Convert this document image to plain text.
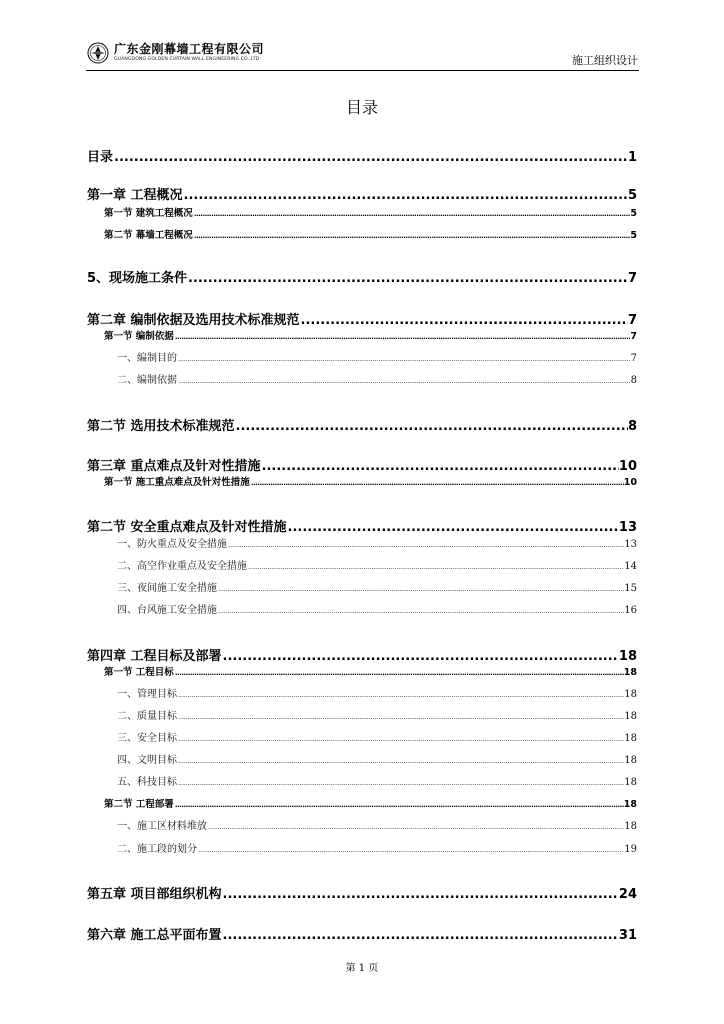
广东金刚幕墙工程有限公司
GUANGDONG GOLDEN CURTAIN WALL ENGINEERING CO.,LTD	施工组织设计
目录
目录 .....	1
第一章 工程概况 .....	5
第一节 建筑工程概况 .....	5
第二节 幕墙工程概况 .....	5
5、现场施工条件 .....	7
第二章 编制依据及选用技术标准规范 .....	7
第一节 编制依据 .....	7
一、编制目的 .....	7
二、编制依据 .....	8
第二节 选用技术标准规范 .....	8
第三章 重点难点及针对性措施 .....	10
第一节 施工重点难点及针对性措施 .....	10
第二节 安全重点难点及针对性措施 .....	13
一、防火重点及安全措施 .....	13
二、高空作业重点及安全措施 .....	14
三、夜间施工安全措施 .....	15
四、台风施工安全措施 .....	16
第四章 工程目标及部署 .....	18
第一节 工程目标 .....	18
一、管理目标 .....	18
二、质量目标 .....	18
三、安全目标 .....	18
四、文明目标 .....	18
五、科技目标 .....	18
第二节 工程部署 .....	18
一、施工区材料堆放 .....	18
二、施工段的划分 .....	19
第五章 项目部组织机构 .....	24
第六章 施工总平面布置 .....	31
第 1 页
